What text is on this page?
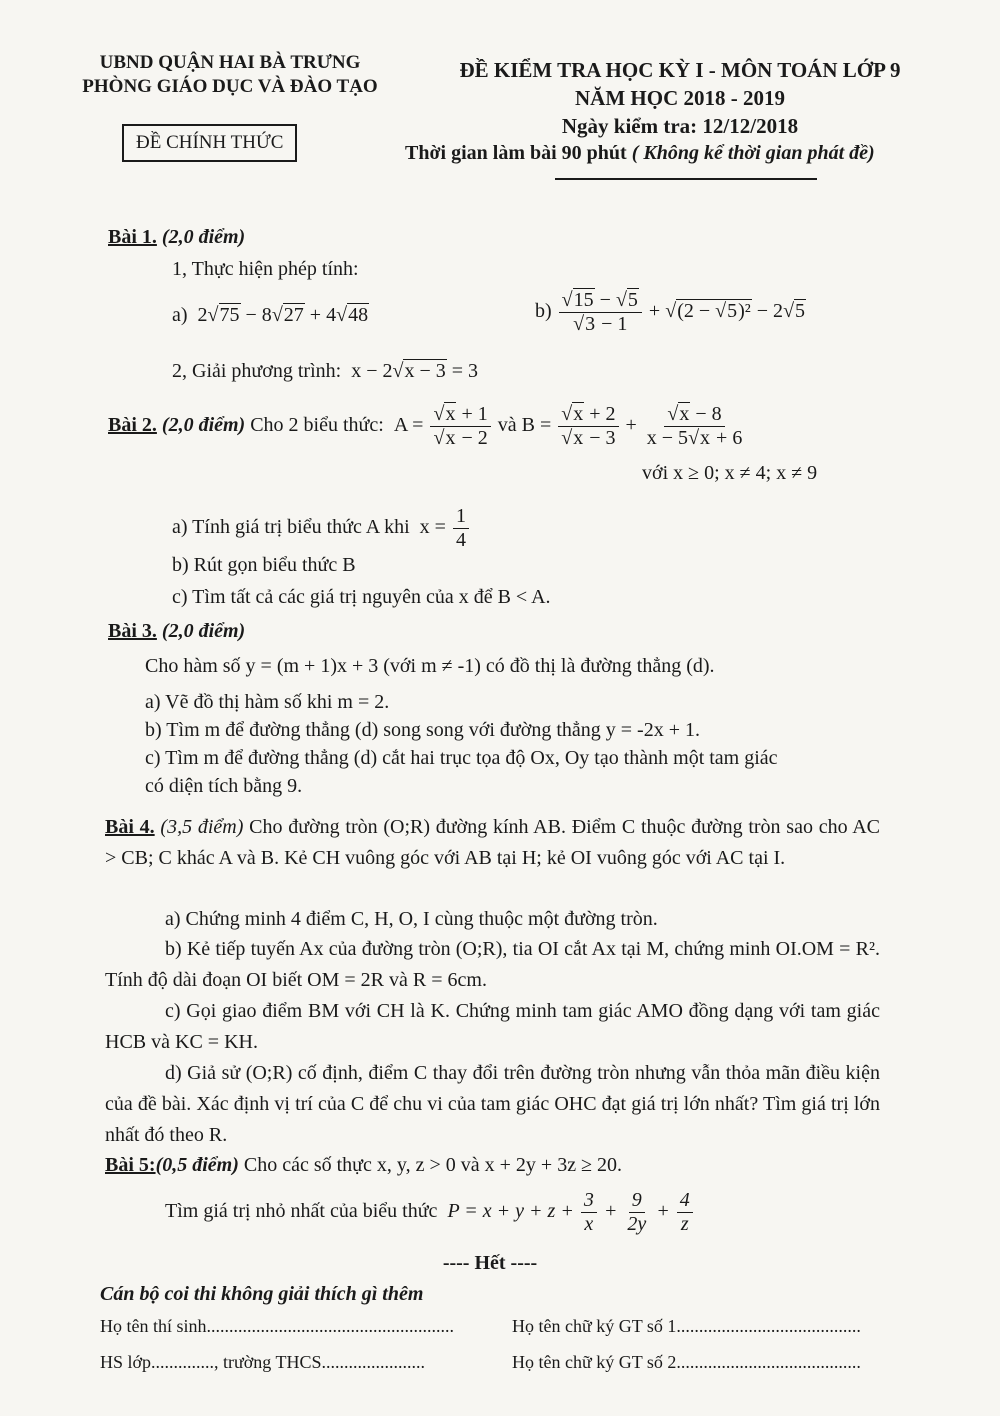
UBND QUẬN HAI BÀ TRƯNG
PHÒNG GIÁO DỤC VÀ ĐÀO TẠO
ĐỀ CHÍNH THỨC
ĐỀ KIỂM TRA HỌC KỲ I - MÔN TOÁN LỚP 9
NĂM HỌC 2018 - 2019
Ngày kiểm tra: 12/12/2018
Thời gian làm bài 90 phút ( Không kể thời gian phát đề)
Bài 1. (2,0 điểm)
1, Thực hiện phép tính:
a)  2 √ 75 − 8 √ 27 + 4 √ 48	b) √ 15 − √ 5
√ 3 − 1 + √ (2 − √ 5)² − 2 √ 5
2, Giải phương trình:  x − 2 √ x − 3 = 3
Bài 2. (2,0 điểm) Cho 2 biểu thức:  A = √ x + 1
√ x − 2 và B = √ x + 2
√ x − 3 + √ $\frac{x - 8}{x - 5 √ x + 6}$
với x ≥ 0; x ≠ 4; x ≠ 9
a) Tính giá trị biểu thức A khi  $x = \frac{1}{4}$
b) Rút gọn biểu thức B
c) Tìm tất cả các giá trị nguyên của x để B < A.
Bài 3. (2,0 điểm)
Cho hàm số y = (m + 1)x + 3 (với m ≠ -1) có đồ thị là đường thẳng (d).
a) Vẽ đồ thị hàm số khi m = 2.
b) Tìm m để đường thẳng (d) song song với đường thẳng y = -2x + 1.
c) Tìm m để đường thẳng (d) cắt hai trục tọa độ Ox, Oy tạo thành một tam giác
có diện tích bằng 9.

Bài 4. (3,5 điểm) Cho đường tròn (O;R) đường kính AB. Điểm C thuộc đường tròn sao cho AC > CB; C khác A và B. Kẻ CH vuông góc với AB tại H; kẻ OI vuông góc với AC tại I.

a) Chứng minh 4 điểm C, H, O, I cùng thuộc một đường tròn.

b) Kẻ tiếp tuyến Ax của đường tròn (O;R), tia OI cắt Ax tại M, chứng minh OI.OM = R². Tính độ dài đoạn OI biết OM = 2R và R = 6cm.

c) Gọi giao điểm BM với CH là K. Chứng minh tam giác AMO đồng dạng với tam giác HCB và KC = KH.

d) Giả sử (O;R) cố định, điểm C thay đổi trên đường tròn nhưng vẫn thỏa mãn điều kiện của đề bài. Xác định vị trí của C để chu vi của tam giác OHC đạt giá trị lớn nhất? Tìm giá trị lớn nhất đó theo R.

Bài 5:(0,5 điểm) Cho các số thực x, y, z > 0 và x + 2y + 3z ≥ 20.
Tìm giá trị nhỏ nhất của biểu thức  $P = x + y + z + \frac{3}{x} + \frac{9}{2y} + \frac{4}{z}$
---- Hết ----
Cán bộ coi thi không giải thích gì thêm
Họ tên thí sinh.......................................................	Họ tên chữ ký GT số 1.........................................
HS lớp.............., trường THCS.......................	Họ tên chữ ký GT số 2.........................................
